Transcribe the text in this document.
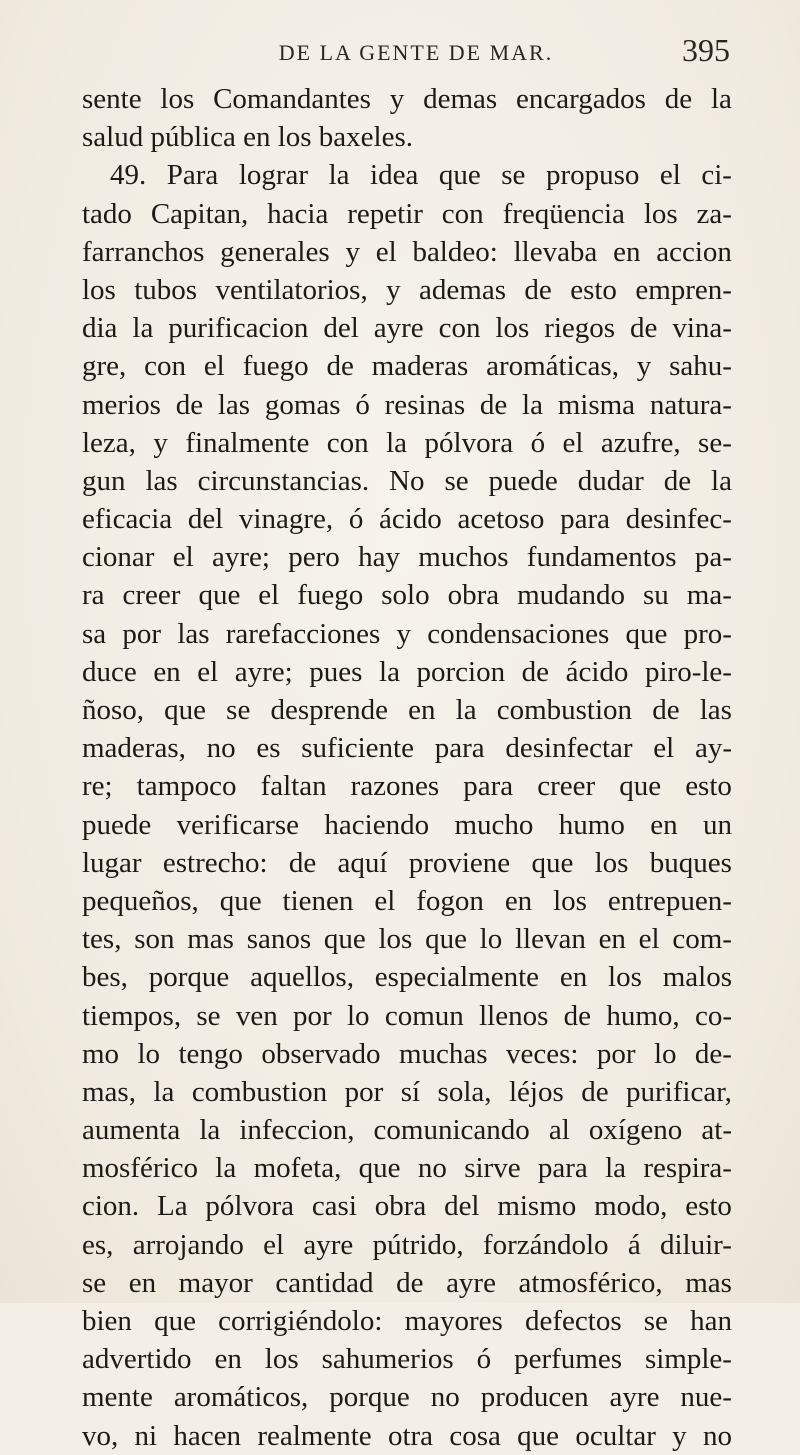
DE LA GENTE DE MAR.	395
sente los Comandantes y demas encargados de la
salud pública en los baxeles.
49. Para lograr la idea que se propuso el ci-
tado Capitan, hacia repetir con freqüencia los za-
farranchos generales y el baldeo: llevaba en accion
los tubos ventilatorios, y ademas de esto empren-
dia la purificacion del ayre con los riegos de vina-
gre, con el fuego de maderas aromáticas, y sahu-
merios de las gomas ó resinas de la misma natura-
leza, y finalmente con la pólvora ó el azufre, se-
gun las circunstancias. No se puede dudar de la
eficacia del vinagre, ó ácido acetoso para desinfec-
cionar el ayre; pero hay muchos fundamentos pa-
ra creer que el fuego solo obra mudando su ma-
sa por las rarefacciones y condensaciones que pro-
duce en el ayre; pues la porcion de ácido piro-le-
ñoso, que se desprende en la combustion de las
maderas, no es suficiente para desinfectar el ay-
re; tampoco faltan razones para creer que esto
puede verificarse haciendo mucho humo en un
lugar estrecho: de aquí proviene que los buques
pequeños, que tienen el fogon en los entrepuen-
tes, son mas sanos que los que lo llevan en el com-
bes, porque aquellos, especialmente en los malos
tiempos, se ven por lo comun llenos de humo, co-
mo lo tengo observado muchas veces: por lo de-
mas, la combustion por sí sola, léjos de purificar,
aumenta la infeccion, comunicando al oxígeno at-
mosférico la mofeta, que no sirve para la respira-
cion. La pólvora casi obra del mismo modo, esto
es, arrojando el ayre pútrido, forzándolo á diluir-
se en mayor cantidad de ayre atmosférico, mas
bien que corrigiéndolo: mayores defectos se han
advertido en los sahumerios ó perfumes simple-
mente aromáticos, porque no producen ayre nue-
vo, ni hacen realmente otra cosa que ocultar y no
